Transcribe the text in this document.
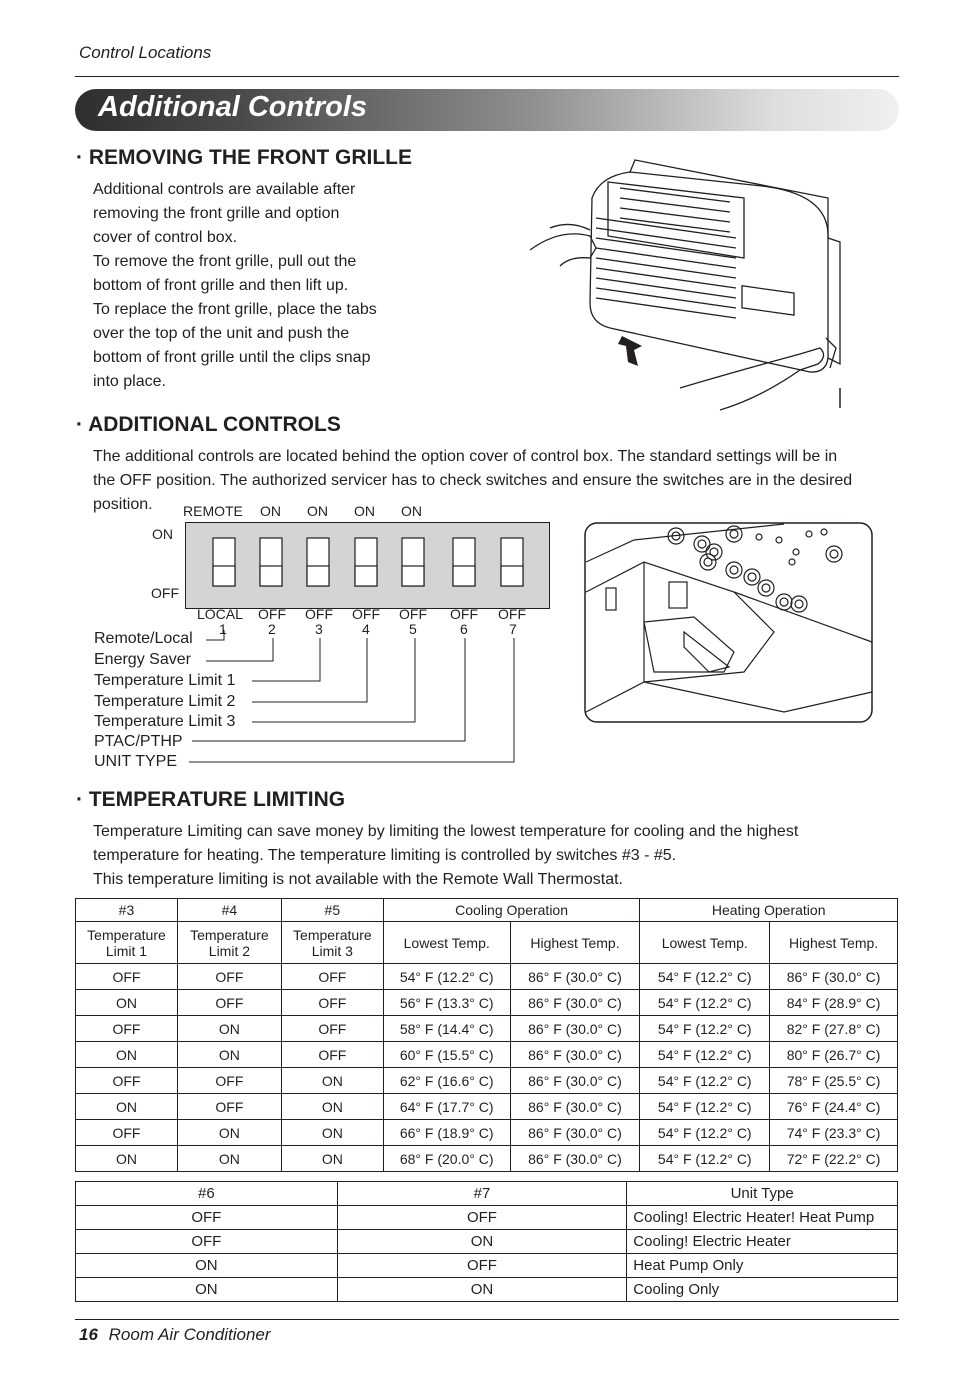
Control Locations
Additional Controls
· REMOVING THE FRONT GRILLE
Additional controls are available after
removing the front grille and option
cover of control box.
To remove the front grille, pull out the
bottom of front grille and then lift up.
To replace the front grille, place the tabs
over the top of the unit and push the
bottom of front grille until the clips snap
into place.
· ADDITIONAL CONTROLS
The additional controls are located behind the option cover of control box. The standard settings will be in
the OFF position. The authorized servicer has to check switches and ensure the switches are in the desired
position.	REMOTE ON ON ON ON
ON
OFF
LOCAL OFF OFF OFF OFF OFF OFF
1	2	3	4	5	6	7
Remote/Local
Energy Saver
Temperature Limit 1
Temperature Limit 2
Temperature Limit 3
PTAC/PTHP
UNIT TYPE
· TEMPERATURE LIMITING
Temperature Limiting can save money by limiting the lowest temperature for cooling and the highest
temperature for heating. The temperature limiting is controlled by switches #3 - #5.
This temperature limiting is not available with the Remote Wall Thermostat.
#3	#4	#5	Cooling Operation		Heating Operation	
Temperature Limit 1	Temperature Limit 2	Temperature Limit 3	Lowest Temp.	Highest Temp.	Lowest Temp.	Highest Temp.
OFF	OFF	OFF	54° F (12.2° C)	86° F (30.0° C)	54° F (12.2° C)	86° F (30.0° C)
ON	OFF	OFF	56° F (13.3° C)	86° F (30.0° C)	54° F (12.2° C)	84° F (28.9° C)
OFF	ON	OFF	58° F (14.4° C)	86° F (30.0° C)	54° F (12.2° C)	82° F (27.8° C)
ON	ON	OFF	60° F (15.5° C)	86° F (30.0° C)	54° F (12.2° C)	80° F (26.7° C)
OFF	OFF	ON	62° F (16.6° C)	86° F (30.0° C)	54° F (12.2° C)	78° F (25.5° C)
ON	OFF	ON	64° F (17.7° C)	86° F (30.0° C)	54° F (12.2° C)	76° F (24.4° C)
OFF	ON	ON	66° F (18.9° C)	86° F (30.0° C)	54° F (12.2° C)	74° F (23.3° C)
ON	ON	ON	68° F (20.0° C)	86° F (30.0° C)	54° F (12.2° C)	72° F (22.2° C)
#6	#7	Unit Type
OFF	OFF	Cooling! Electric Heater! Heat Pump
OFF	ON	Cooling! Electric Heater
ON	OFF	Heat Pump Only
ON	ON	Cooling Only
16 Room Air Conditioner
